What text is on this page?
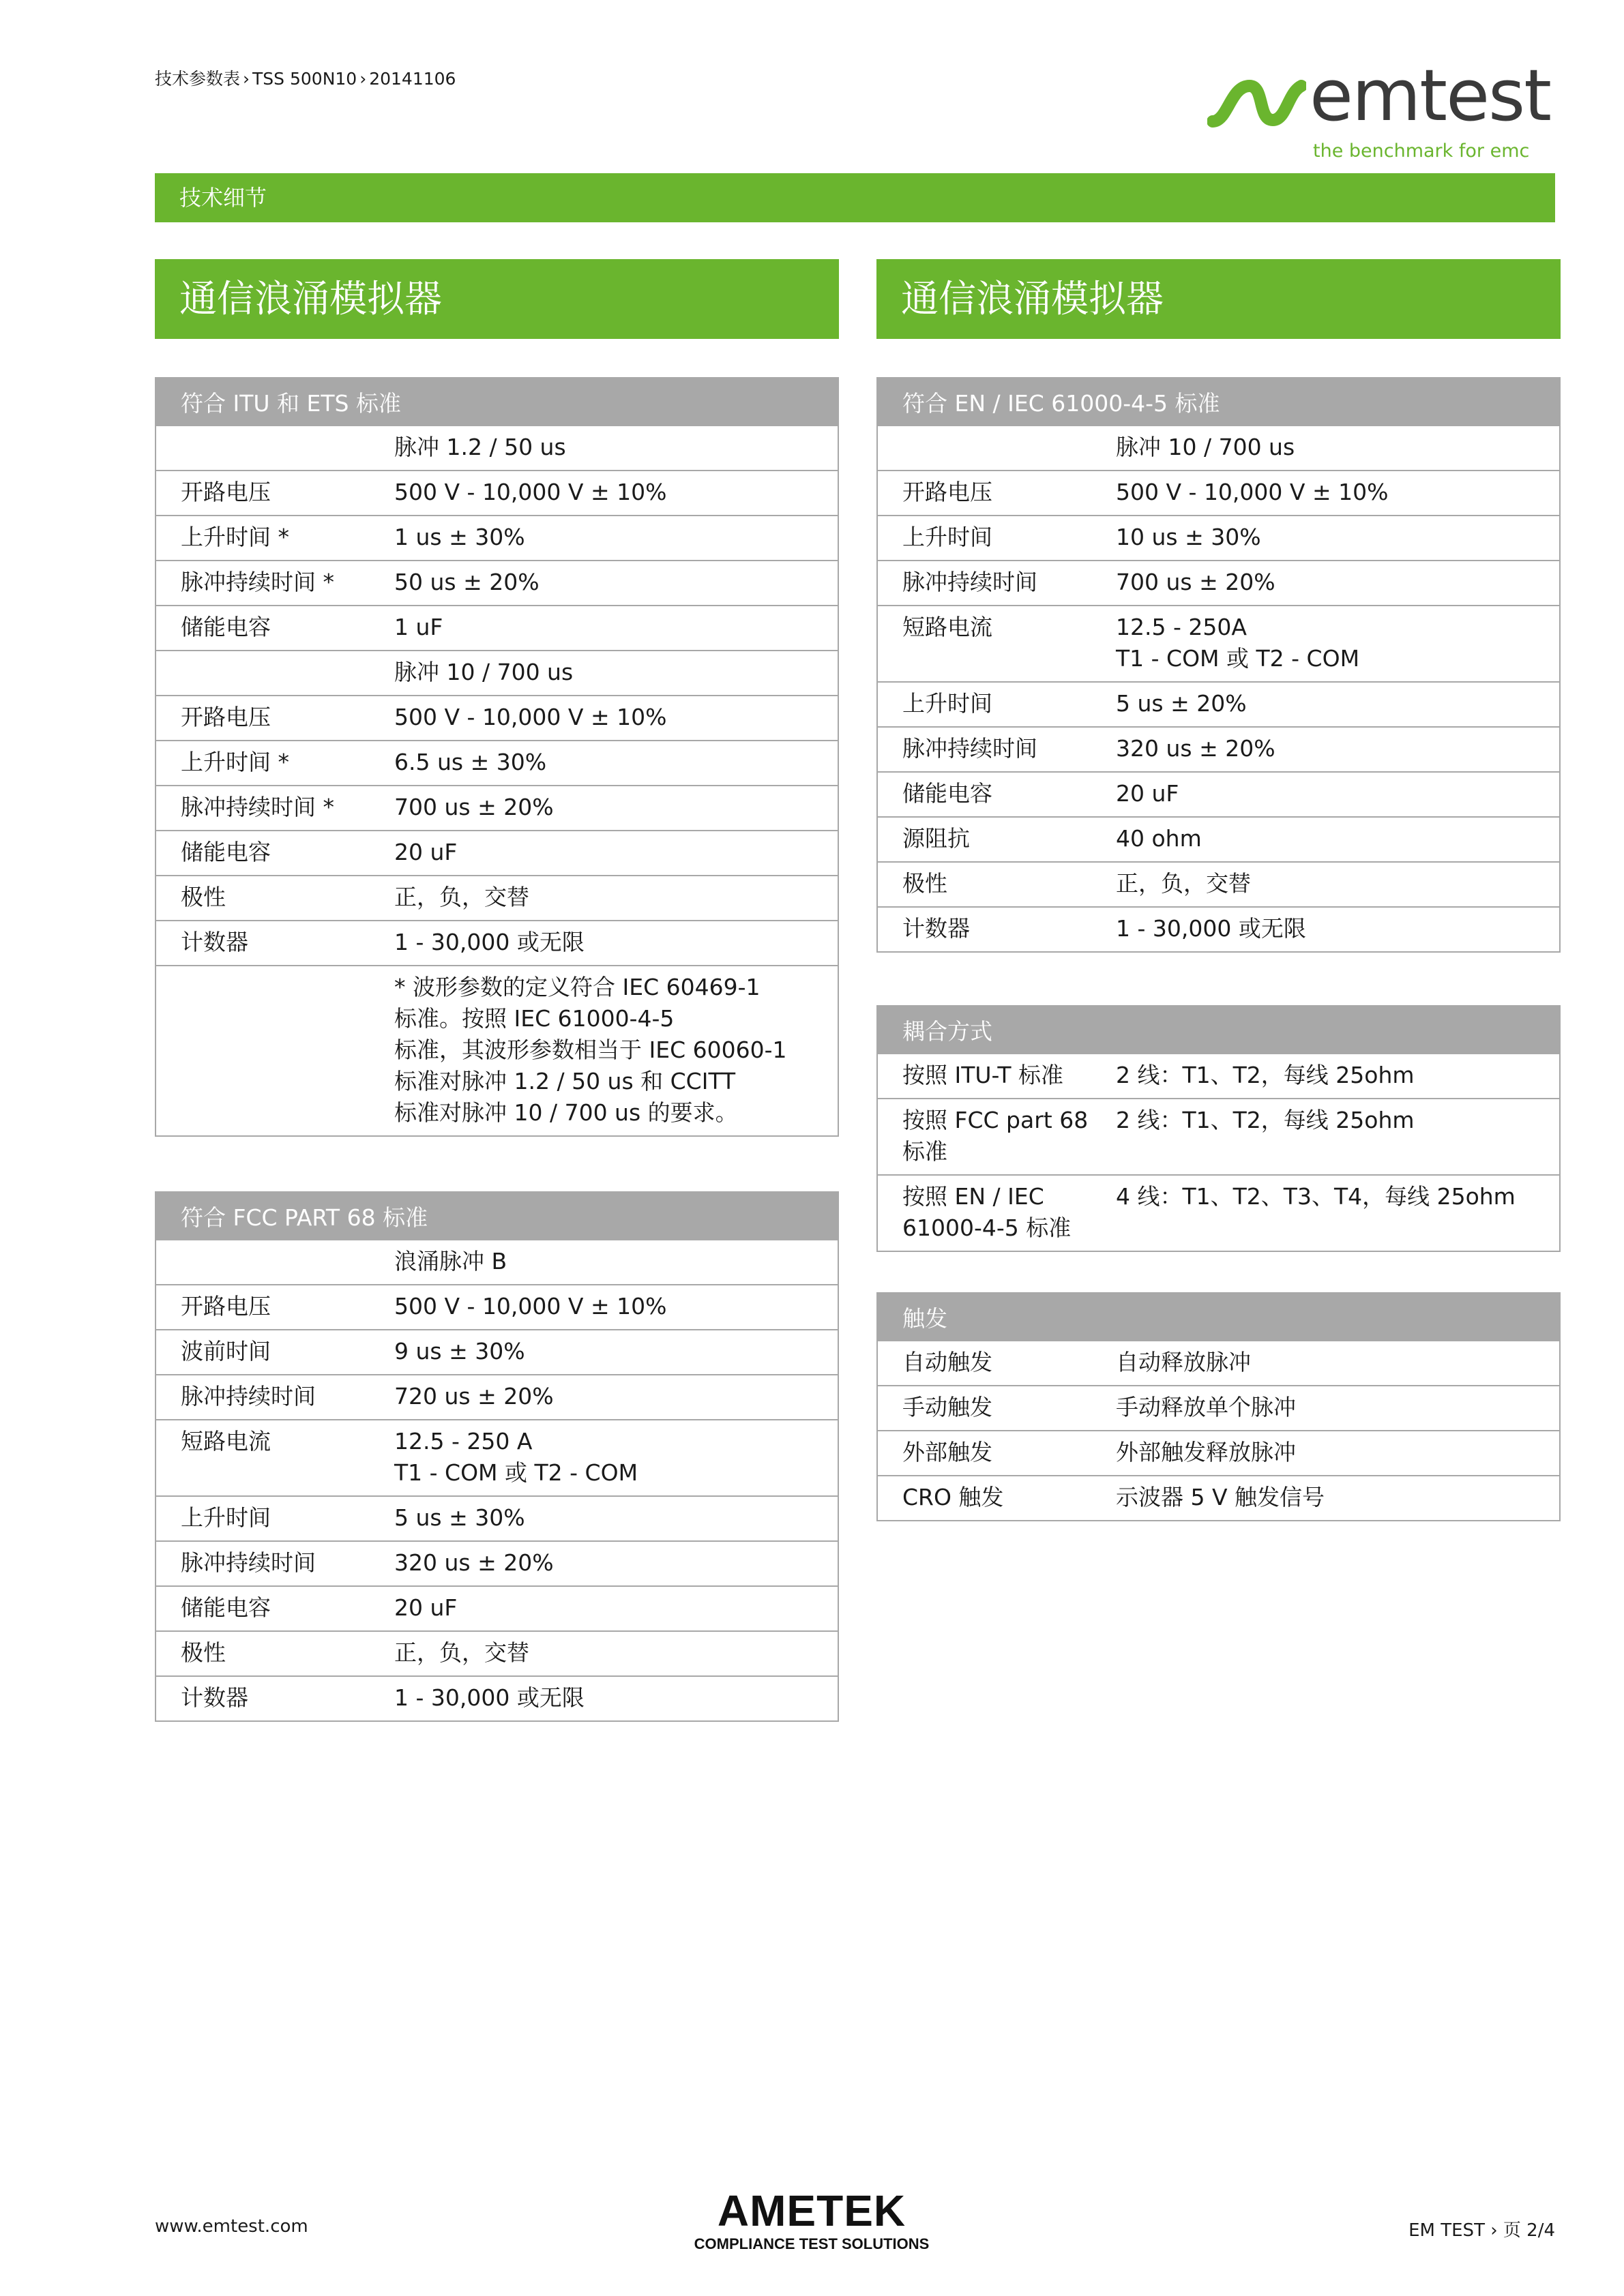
技术参数表 › TSS 500N10 › 20141106	emtest
the benchmark for emc
技术细节
通信浪涌模拟器
符合 ITU 和 ETS 标准	

	脉冲 1.2 / 50 us

开路电压	500 V - 10,000 V ± 10%

上升时间 *	1 us ± 30%

脉冲持续时间 *	50 us ± 20%

储能电容	1 uF

	脉冲 10 / 700 us

开路电压	500 V - 10,000 V ± 10%

上升时间 *	6.5 us ± 30%

脉冲持续时间 *	700 us ± 20%

储能电容	20 uF

极性	正，负，交替

计数器	1 - 30,000 或无限

	* 波形参数的定义符合 IEC 60469-1
标准。按照 IEC 61000-4-5
标准，其波形参数相当于 IEC 60060-1
标准对脉冲 1.2 / 50 us 和 CCITT
标准对脉冲 10 / 700 us 的要求。
符合 FCC PART 68 标准	

	浪涌脉冲 B

开路电压	500 V - 10,000 V ± 10%

波前时间	9 us ± 30%

脉冲持续时间	720 us ± 20%

短路电流	12.5 - 250 A
T1 - COM 或 T2 - COM

上升时间	5 us ± 30%

脉冲持续时间	320 us ± 20%

储能电容	20 uF

极性	正，负，交替

计数器	1 - 30,000 或无限
通信浪涌模拟器
符合 EN / IEC 61000-4-5 标准	

	脉冲 10 / 700 us

开路电压	500 V - 10,000 V ± 10%

上升时间	10 us ± 30%

脉冲持续时间	700 us ± 20%

短路电流	12.5 - 250A
T1 - COM 或 T2 - COM

上升时间	5 us ± 20%

脉冲持续时间	320 us ± 20%

储能电容	20 uF

源阻抗	40 ohm

极性	正，负，交替

计数器	1 - 30,000 或无限
耦合方式	

按照 ITU-T 标准	2 线：T1、T2，每线 25ohm

按照 FCC part 68
标准	2 线：T1、T2，每线 25ohm

按照 EN / IEC
61000-4-5 标准	4 线：T1、T2、T3、T4，每线 25ohm
触发	

自动触发	自动释放脉冲

手动触发	手动释放单个脉冲

外部触发	外部触发释放脉冲

CRO 触发	示波器 5 V 触发信号
www.emtest.com	AMETEK
COMPLIANCE TEST SOLUTIONS
EM TEST › 页 2/4
